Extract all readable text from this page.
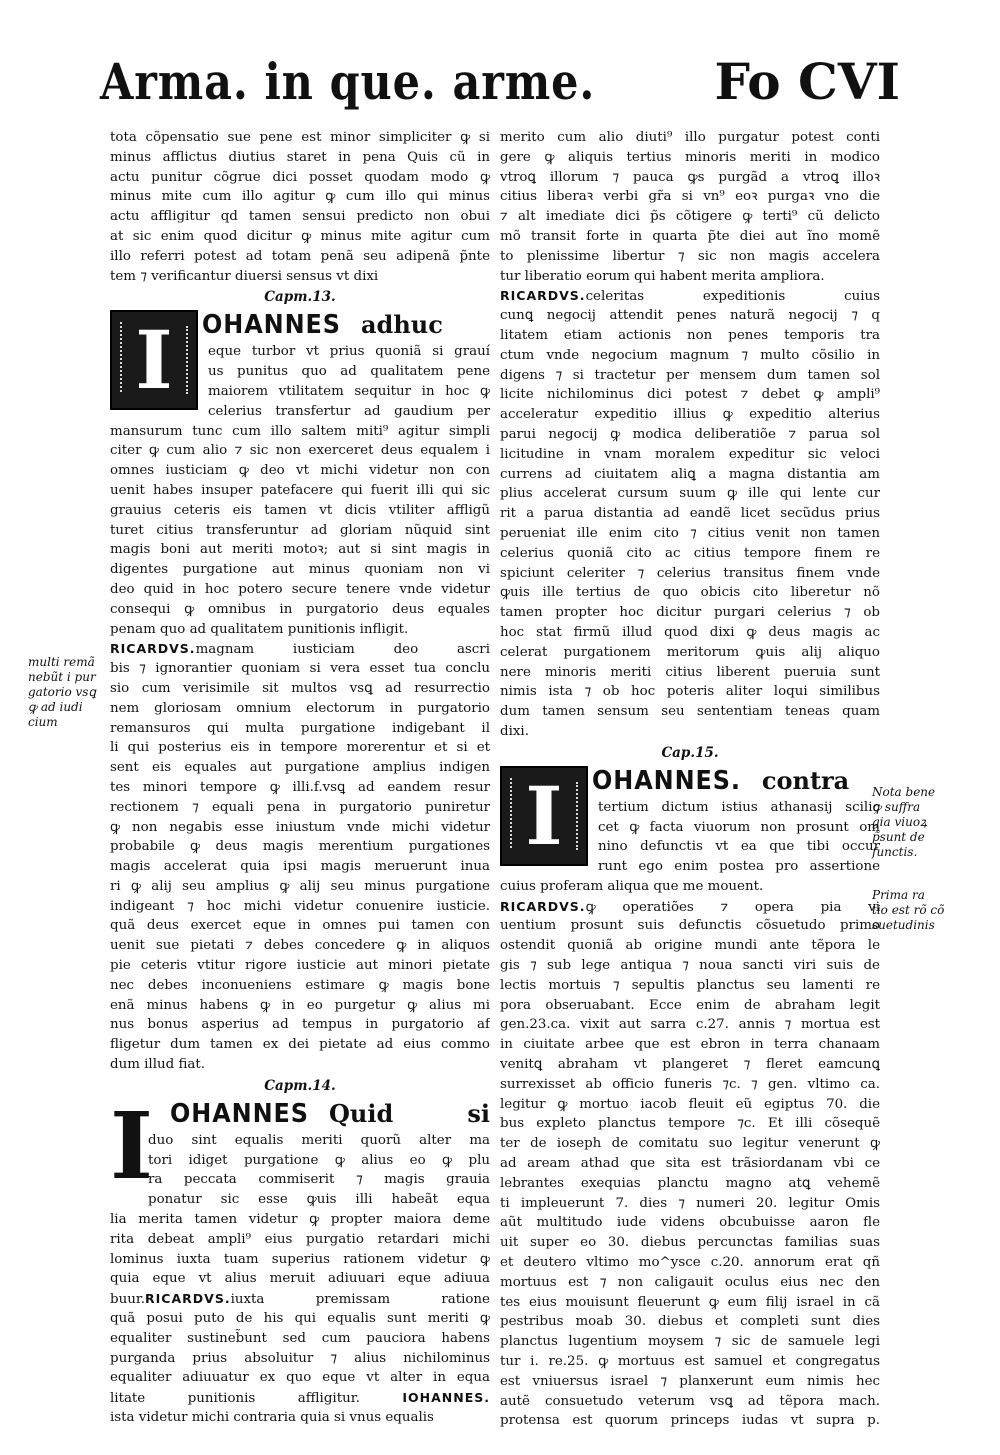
Arma. in que. arme. Fo CVI
tota cõpensatio sue pene est minor simpliciter ꝙ si
minus afflictus diutius staret in pena Quis cũ in
actu punitur cõgrue dici posset quodam modo ꝙ
minus mite cum illo agitur ꝙ cum illo qui minus
actu affligitur qd tamen sensui predicto non obui
at sic enim quod dicitur ꝙ minus mite agitur cum
illo referri potest ad totam penã seu adipenã p̃nte
tem ⁊ verificantur diuersi sensus vt dixi
Capm.13.
I	OHANNES adhuc
eque turbor vt prius quoniã si grauí
us punitus quo ad qualitatem pene
maiorem vtilitatem sequitur in hoc ꝙ
celerius transfertur ad gaudium per
mansurum tunc cum illo saltem miti⁹ agitur simpli
citer ꝙ cum alio ⁊ sic non exerceret deus equalem i
omnes iusticiam ꝙ deo vt michi videtur non con
uenit habes insuper patefacere qui fuerit illi qui sic
grauius ceteris eis tamen vt dicis vtiliter affligũ
turet citius transferuntur ad gloriam nũquid sint
magis boni aut meriti motoꝛ; aut si sint magis in
digentes purgatione aut minus quoniam non vi
deo quid in hoc potero secure tenere vnde videtur
consequi ꝙ omnibus in purgatorio deus equales
penam quo ad qualitatem punitionis infligit.
RICARDVS.magnam iusticiam deo ascri
bis ⁊ ignorantier quoniam si vera esset tua conclu
sio cum verisimile sit multos vsꝗ ad resurrectio
nem gloriosam omnium electorum in purgatorio
remansuros qui multa purgatione indigebant il
li qui posterius eis in tempore morerentur et si et
sent eis equales aut purgatione amplius indigen
tes minori tempore ꝙ illi.f.vsꝗ ad eandem resur
rectionem ⁊ equali pena in purgatorio puniretur
ꝙ non negabis esse iniustum vnde michi videtur
probabile ꝙ deus magis merentium purgationes
magis accelerat quia ipsi magis meruerunt inua
ri ꝙ alij seu amplius ꝙ alij seu minus purgatione
indigeant ⁊ hoc michi videtur conuenire iusticie.
quã deus exercet eque in omnes pui tamen con
uenit sue pietati ⁊ debes concedere ꝙ in aliquos
pie ceteris vtitur rigore iusticie aut minori pietate
nec debes inconueniens estimare ꝙ magis bone
enã minus habens ꝙ in eo purgetur ꝙ alius mi
nus bonus asperius ad tempus in purgatorio af
fligetur dum tamen ex dei pietate ad eius commo
dum illud fiat.
Capm.14.
I OHANNES Quid si
duo sint equalis meriti quorũ alter ma
tori idiget purgatione ꝙ alius eo ꝙ plu
ra peccata commiserit ⁊ magis grauia
ponatur sic esse ꝙuis illi habeãt equa
lia merita tamen videtur ꝙ propter maiora deme
rita debeat ampli⁹ eius purgatio retardari michi
lominus iuxta tuam superius rationem videtur ꝙ
quia eque vt alius meruit adiuuari eque adiuua
buur.RICARDVS.iuxta premissam ratione
quã posui puto de his qui equalis sunt meriti ꝙ
equaliter sustineb̃unt sed cum pauciora habens
purganda prius absoluitur ⁊ alius nichilominus
equaliter adiuuatur ex quo eque vt alter in equa
litate punitionis affligitur.	IOHANNES.
ista videtur michi contraria quia si vnus equalis
merito cum alio diuti⁹ illo purgatur potest conti
gere ꝙ aliquis tertius minoris meriti in modico
vtroꝗ illorum ⁊ pauca ꝙs purgãd a vtroꝗ illoꝛ
citius liberaꝛ verbi gr̃a si vn⁹ eoꝛ purgaꝛ vno die
⁊ alt imediate dici p̃s cõtigere ꝙ terti⁹ cũ delicto
mõ transit forte in quarta p̃te diei aut ĩno momẽ
to plenissime libertur ⁊ sic non magis accelera
tur liberatio eorum qui habent merita ampliora.
RICARDVS.celeritas expeditionis cuius
cunꝗ negocij attendit penes naturã negocij ⁊ q
litatem etiam actionis non penes temporis tra
ctum vnde negocium magnum ⁊ multo cõsilio in
digens ⁊ si tractetur per mensem dum tamen sol
licite nichilominus dici potest ⁊ debet ꝙ ampli⁹
acceleratur expeditio illius ꝙ expeditio alterius
parui negocij ꝙ modica deliberatiõe ⁊ parua sol
licitudine in vnam moralem expeditur sic veloci
currens ad ciuitatem aliꝗ a magna distantia am
plius accelerat cursum suum ꝙ ille qui lente cur
rit a parua distantia ad eandẽ licet secũdus prius
perueniat ille enim cito ⁊ citius venit non tamen
celerius quoniã cito ac citius tempore finem re
spiciunt celeriter ⁊ celerius transitus finem vnde
ꝙuis ille tertius de quo obicis cito liberetur nõ
tamen propter hoc dicitur purgari celerius ⁊ ob
hoc stat firmũ illud quod dixi ꝙ deus magis ac
celerat purgationem meritorum ꝙuis alij aliquo
nere minoris meriti citius liberent pueruia sunt
nimis ista ⁊ ob hoc poteris aliter loqui similibus
dum tamen sensum seu sententiam teneas quam
dixi.
Cap.15.
I	OHANNES. contra
tertium dictum istius athanasij scilic
cet ꝙ facta viuorum non prosunt om
nino defunctis vt ea que tibi occur
runt ego enim postea pro assertione
cuius proferam aliqua que me mouent.
RICARDVS.ꝙ operatiões ⁊ opera pia vi
uentium prosunt suis defunctis cõsuetudo primo
ostendit quoniã ab origine mundi ante tẽpora le
gis ⁊ sub lege antiqua ⁊ noua sancti viri suis de
lectis mortuis ⁊ sepultis planctus seu lamenti re
pora obseruabant. Ecce enim de abraham legit
gen.23.ca. vixit aut sarra c.27. annis ⁊ mortua est
in ciuitate arbee que est ebron in terra chanaam
venitꝗ abraham vt plangeret ⁊ fleret eamcunꝗ
surrexisset ab officio funeris ⁊c. ⁊ gen. vltimo ca.
legitur ꝙ mortuo iacob fleuit eũ egiptus 70. die
bus expleto planctus tempore ⁊c. Et illi cõsequẽ
ter de ioseph de comitatu suo legitur venerunt ꝙ
ad aream athad que sita est trãsiordanam vbi ce
lebrantes exequias planctu magno atꝗ vehemẽ
ti impleuerunt 7. dies ⁊ numeri 20. legitur Omis
aũt multitudo iude videns obcubuisse aaron fle
uit super eo 30. diebus percunctas familias suas
et deutero vltimo mo^ysce c.20. annorum erat qñ
mortuus est ⁊ non caligauit oculus eius nec den
tes eius mouisunt fleuerunt ꝙ eum filij israel in cã
pestribus moab 30. diebus et completi sunt dies
planctus lugentium moysem ⁊ sic de samuele legi
tur i. re.25. ꝙ mortuus est samuel et congregatus
est vniuersus israel ⁊ planxerunt eum nimis hec
autẽ consuetudo veterum vsꝗ ad tẽpora mach.
protensa est quorum princeps iudas vt supra p.
multi remã
nebũt i pur
gatorio vsꝗ
ꝙ ad iudi
cium
Nota bene
ꝙ suffra
gia viuoꝝ
p̃sunt de
functis.
Prima ra
tio est rõ cõ
suetudinis
